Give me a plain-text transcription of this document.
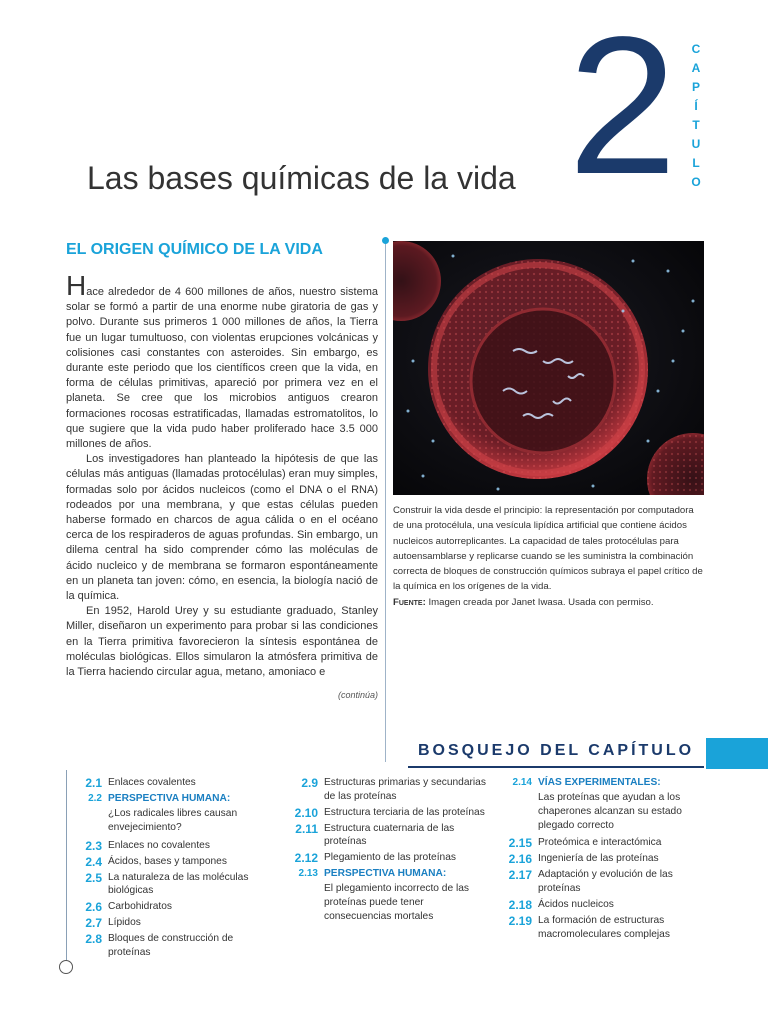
2	C
A
P
Í
T
U
L
O
Las bases químicas de la vida
EL ORIGEN QUÍMICO DE LA VIDA

Hace alrededor de 4 600 millones de años, nuestro sistema solar se formó a partir de una enorme nube giratoria de gas y polvo. Durante sus primeros 1 000 millones de años, la Tierra fue un lugar tumultuoso, con violentas erupciones volcánicas y colisiones casi constantes con asteroides. Sin embargo, es durante este periodo que los científicos creen que la vida, en forma de células primitivas, apareció por primera vez en el planeta. Se cree que los microbios antiguos crearon formaciones rocosas estratificadas, llamadas estromatolitos, lo que sugiere que la vida pudo haber proliferado hace 3.5 000 millones de años.

Los investigadores han planteado la hipótesis de que las células más antiguas (llamadas protocélulas) eran muy simples, formadas solo por ácidos nucleicos (como el DNA o el RNA) rodeados por una membrana, y que estas células pueden haberse formado en charcos de agua cálida o en el océano cerca de los respiraderos de aguas profundas. Sin embargo, un dilema central ha sido comprender cómo las moléculas de ácido nucleico y de membrana se formaron espontáneamente en un planeta tan joven: cómo, en esencia, la biología nació de la química.

En 1952, Harold Urey y su estudiante graduado, Stanley Miller, diseñaron un experimento para probar si las condiciones en la Tierra primitiva favorecieron la síntesis espontánea de moléculas biológicas. Ellos simularon la atmósfera primitiva de la Tierra haciendo circular agua, metano, amoniaco e

(continúa)
Construir la vida desde el principio: la representación por computadora de una protocélula, una vesícula lipídica artificial que contiene ácidos nucleicos autorreplicantes. La capacidad de tales protocélulas para autoensamblarse y replicarse cuando se les suministra la combinación correcta de bloques de construcción químicos subraya el papel crítico de la química en los orígenes de la vida.
Fuente: Imagen creada por Janet Iwasa. Usada con permiso.
BOSQUEJO DEL CAPÍTULO
2.1 Enlaces covalentes
2.2 PERSPECTIVA HUMANA:
¿Los radicales libres causan envejecimiento?
2.3 Enlaces no covalentes
2.4 Ácidos, bases y tampones
2.5 La naturaleza de las moléculas biológicas
2.6 Carbohidratos
2.7 Lípidos
2.8 Bloques de construcción de proteínas
2.9 Estructuras primarias y secundarias de las proteínas
2.10 Estructura terciaria de las proteínas
2.11 Estructura cuaternaria de las proteínas
2.12 Plegamiento de las proteínas
2.13 PERSPECTIVA HUMANA:
El plegamiento incorrecto de las proteínas puede tener consecuencias mortales
2.14 VÍAS EXPERIMENTALES:
Las proteínas que ayudan a los chaperones alcanzan su estado plegado correcto
2.15 Proteómica e interactómica
2.16 Ingeniería de las proteínas
2.17 Adaptación y evolución de las proteínas
2.18 Ácidos nucleicos
2.19 La formación de estructuras macromoleculares complejas
